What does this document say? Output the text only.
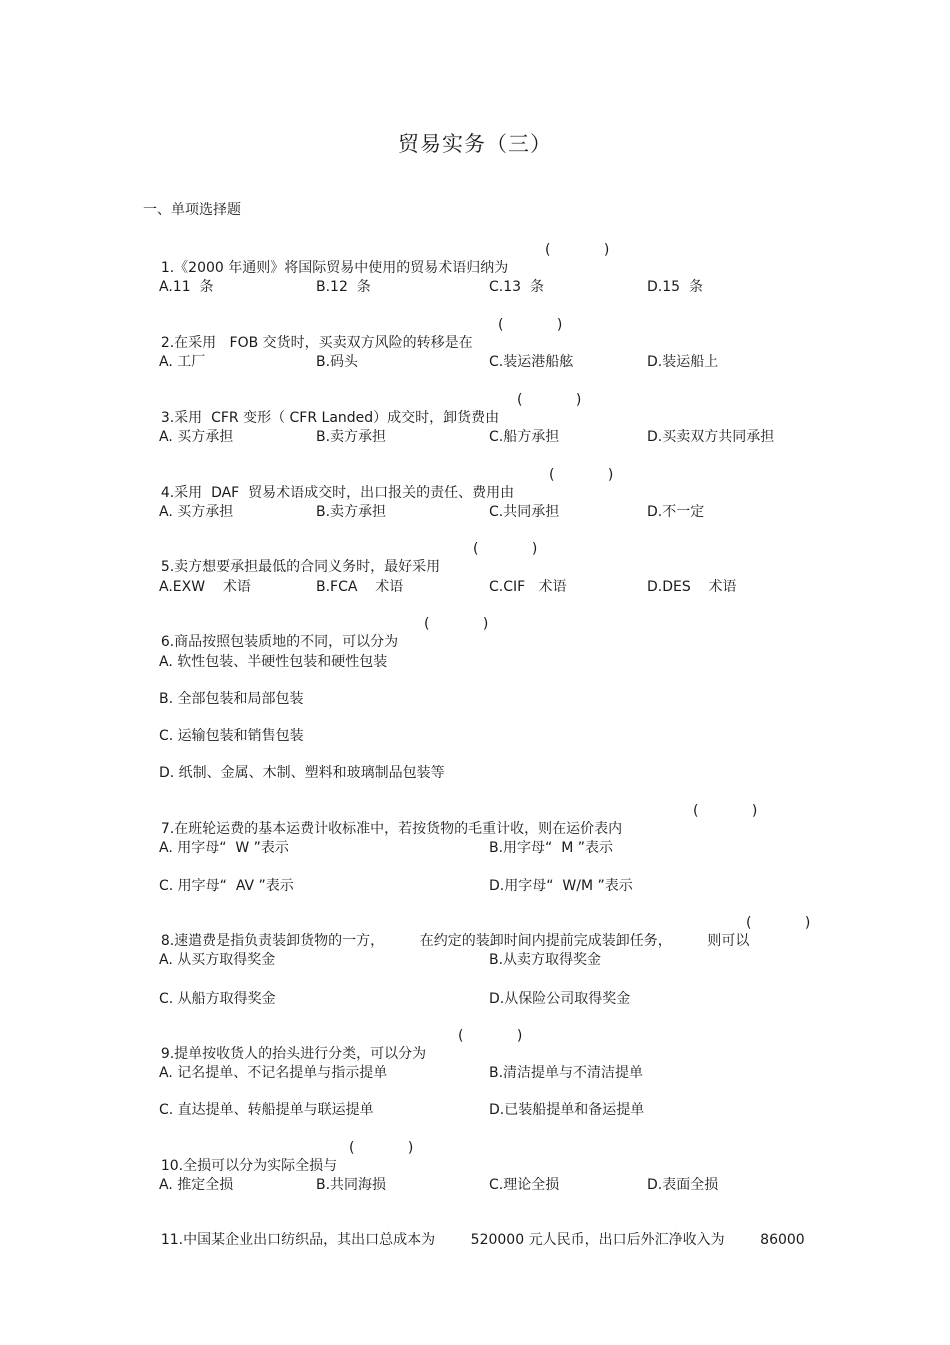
贸易实务（三）
一、单项选择题

1.《2000 年通则》将国际贸易中使用的贸易术语归纳为

(            )
A.11  条	B.12  条	C.13  条	D.15  条

2.在采用   FOB 交货时，买卖双方风险的转移是在

(            )
A. 工厂	B.码头	C.装运港船舷	D.装运船上

3.采用  CFR 变形（ CFR Landed）成交时，卸货费由

(            )
A. 买方承担	B.卖方承担	C.船方承担	D.买卖双方共同承担

4.采用  DAF  贸易术语成交时，出口报关的责任、费用由

(            )
A. 买方承担	B.卖方承担	C.共同承担	D.不一定

5.卖方想要承担最低的合同义务时，最好采用

(            )
A.EXW    术语	B.FCA    术语	C.CIF   术语	D.DES    术语

6.商品按照包装质地的不同，可以分为

(            )
A. 软性包装、半硬性包装和硬性包装
B. 全部包装和局部包装
C. 运输包装和销售包装
D. 纸制、金属、木制、塑料和玻璃制品包装等

7.在班轮运费的基本运费计收标准中，若按货物的毛重计收，则在运价表内

(            )
A. 用字母“  W ”表示	B.用字母“  M ”表示
C. 用字母“  AV ”表示	D.用字母“  W/M ”表示

8.速遣费是指负责装卸货物的一方，        在约定的装卸时间内提前完成装卸任务，        则可以

(            )
A. 从买方取得奖金	B.从卖方取得奖金
C. 从船方取得奖金	D.从保险公司取得奖金

9.提单按收货人的抬头进行分类，可以分为

(            )
A. 记名提单、不记名提单与指示提单	B.清洁提单与不清洁提单
C. 直达提单、转船提单与联运提单	D.已装船提单和备运提单

10.全损可以分为实际全损与

(            )
A. 推定全损	B.共同海损	C.理论全损	D.表面全损

11.中国某企业出口纺织品，其出口总成本为        520000 元人民币，出口后外汇净收入为        86000
